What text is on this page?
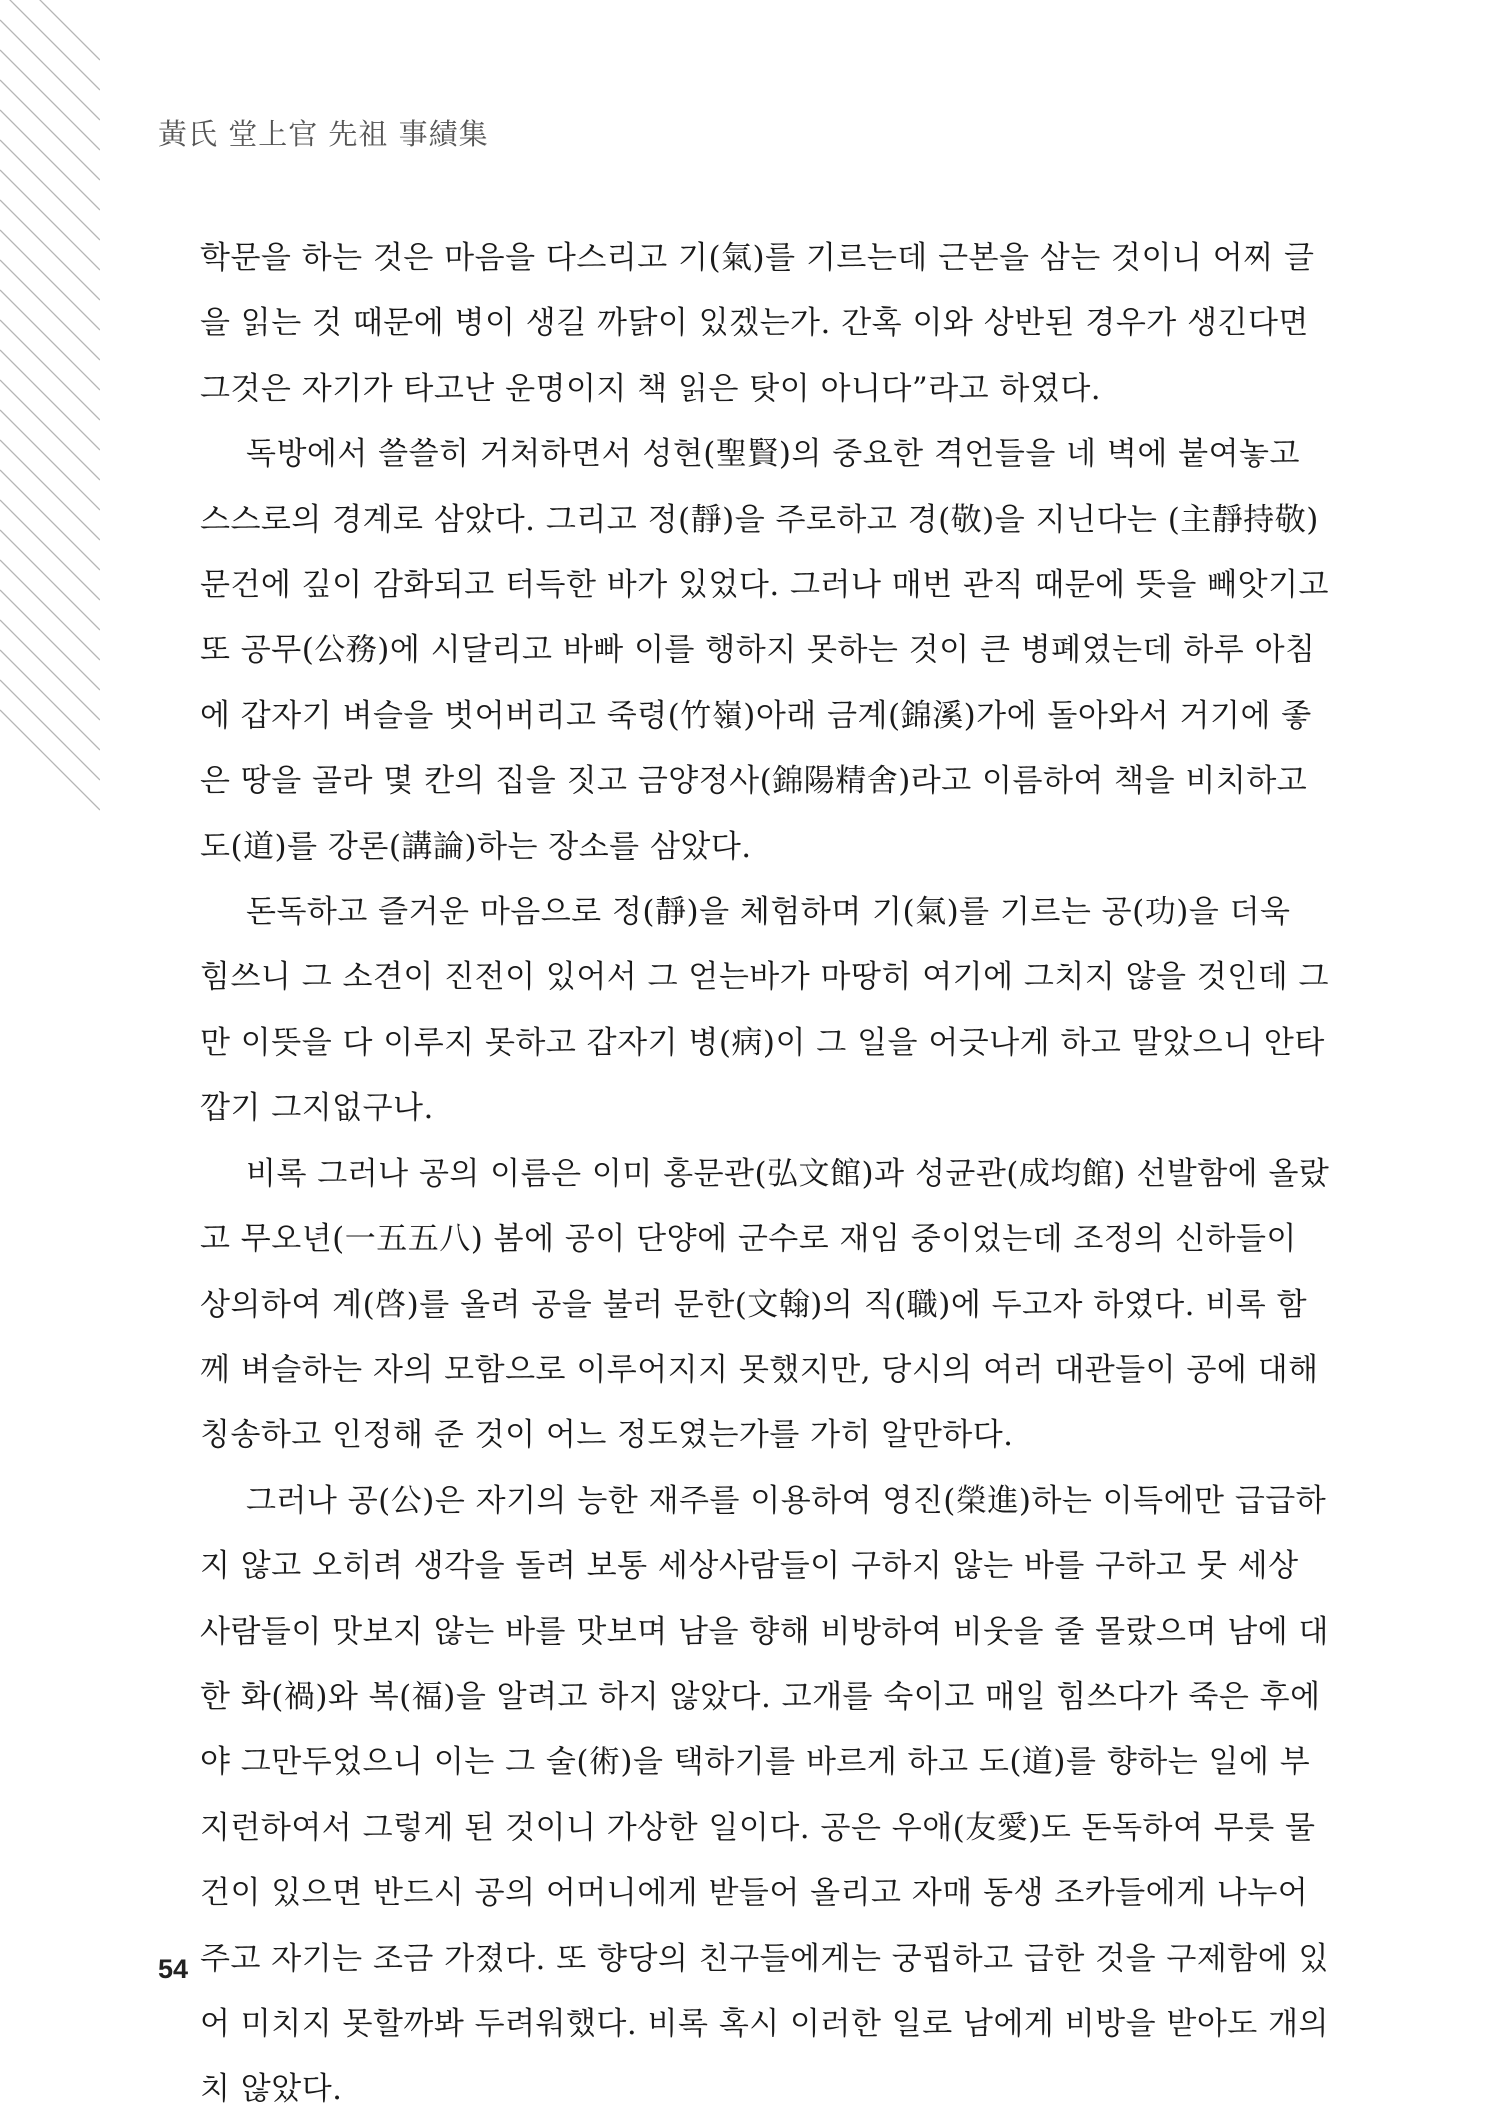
黃氏 堂上官 先祖 事績集

학문을 하는 것은 마음을 다스리고 기(氣)를 기르는데 근본을 삼는 것이니 어찌 글을 읽는 것 때문에 병이 생길 까닭이 있겠는가. 간혹 이와 상반된 경우가 생긴다면 그것은 자기가 타고난 운명이지 책 읽은 탓이 아니다”라고 하였다.

독방에서 쓸쓸히 거처하면서 성현(聖賢)의 중요한 격언들을 네 벽에 붙여놓고 스스로의 경계로 삼았다. 그리고 정(靜)을 주로하고 경(敬)을 지닌다는 (主靜持敬) 문건에 깊이 감화되고 터득한 바가 있었다. 그러나 매번 관직 때문에 뜻을 빼앗기고 또 공무(公務)에 시달리고 바빠 이를 행하지 못하는 것이 큰 병폐였는데 하루 아침에 갑자기 벼슬을 벗어버리고 죽령(竹嶺)아래 금계(錦溪)가에 돌아와서 거기에 좋은 땅을 골라 몇 칸의 집을 짓고 금양정사(錦陽精舍)라고 이름하여 책을 비치하고 도(道)를 강론(講論)하는 장소를 삼았다.

돈독하고 즐거운 마음으로 정(靜)을 체험하며 기(氣)를 기르는 공(功)을 더욱 힘쓰니 그 소견이 진전이 있어서 그 얻는바가 마땅히 여기에 그치지 않을 것인데 그만 이뜻을 다 이루지 못하고 갑자기 병(病)이 그 일을 어긋나게 하고 말았으니 안타깝기 그지없구나.

비록 그러나 공의 이름은 이미 홍문관(弘文館)과 성균관(成均館) 선발함에 올랐고 무오년(一五五八) 봄에 공이 단양에 군수로 재임 중이었는데 조정의 신하들이 상의하여 계(啓)를 올려 공을 불러 문한(文翰)의 직(職)에 두고자 하였다. 비록 함께 벼슬하는 자의 모함으로 이루어지지 못했지만, 당시의 여러 대관들이 공에 대해 칭송하고 인정해 준 것이 어느 정도였는가를 가히 알만하다.

그러나 공(公)은 자기의 능한 재주를 이용하여 영진(榮進)하는 이득에만 급급하지 않고 오히려 생각을 돌려 보통 세상사람들이 구하지 않는 바를 구하고 뭇 세상 사람들이 맛보지 않는 바를 맛보며 남을 향해 비방하여 비웃을 줄 몰랐으며 남에 대한 화(禍)와 복(福)을 알려고 하지 않았다. 고개를 숙이고 매일 힘쓰다가 죽은 후에야 그만두었으니 이는 그 술(術)을 택하기를 바르게 하고 도(道)를 향하는 일에 부지런하여서 그렇게 된 것이니 가상한 일이다. 공은 우애(友愛)도 돈독하여 무릇 물건이 있으면 반드시 공의 어머니에게 받들어 올리고 자매 동생 조카들에게 나누어 주고 자기는 조금 가졌다. 또 향당의 친구들에게는 궁핍하고 급한 것을 구제함에 있어 미치지 못할까봐 두려워했다. 비록 혹시 이러한 일로 남에게 비방을 받아도 개의치 않았다.

54
